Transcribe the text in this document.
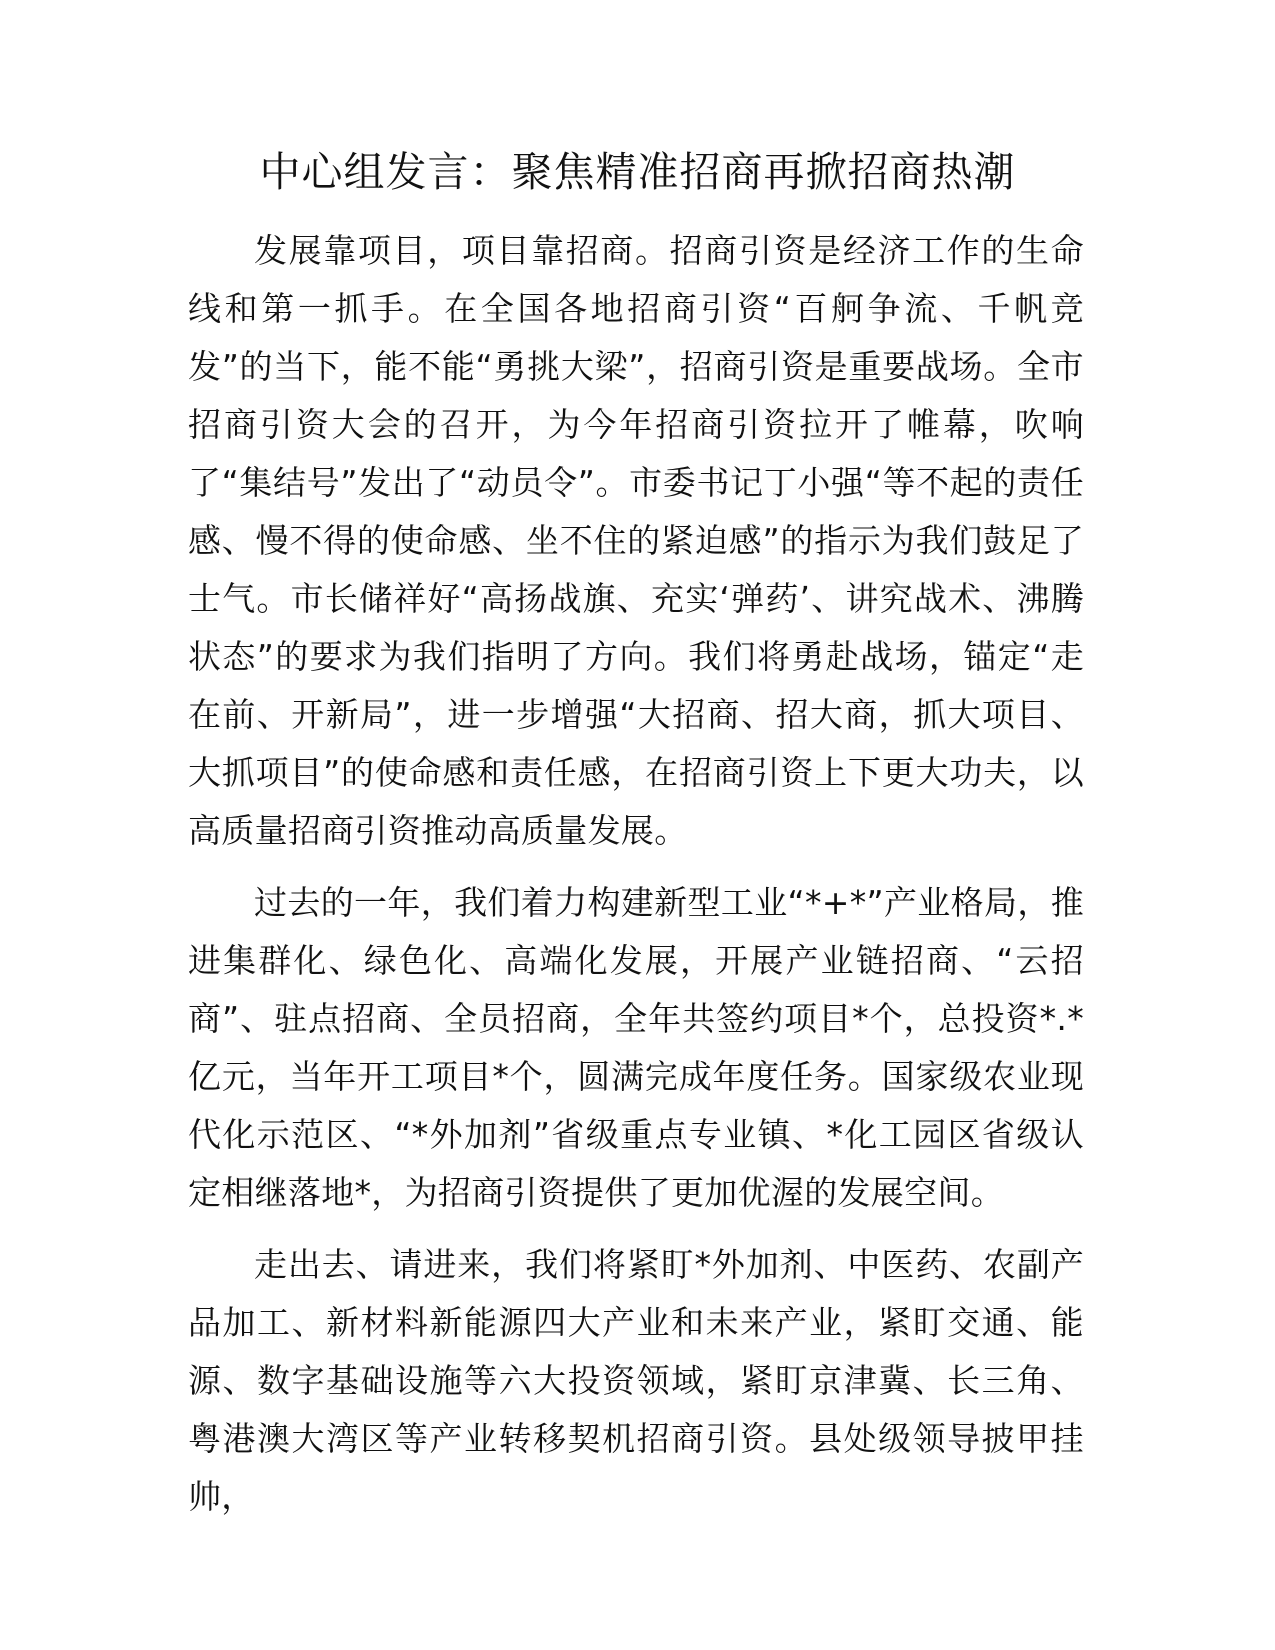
中心组发言：聚焦精准招商再掀招商热潮

发展靠项目，项目靠招商。招商引资是经济工作的生命线和第一抓手。在全国各地招商引资“百舸争流、千帆竞发”的当下，能不能“勇挑大梁”，招商引资是重要战场。全市招商引资大会的召开，为今年招商引资拉开了帷幕，吹响了“集结号”发出了“动员令”。市委书记丁小强“等不起的责任感、慢不得的使命感、坐不住的紧迫感”的指示为我们鼓足了士气。市长储祥好“高扬战旗、充实‘弹药’、讲究战术、沸腾状态”的要求为我们指明了方向。我们将勇赴战场，锚定“走在前、开新局”，进一步增强“大招商、招大商，抓大项目、大抓项目”的使命感和责任感，在招商引资上下更大功夫，以高质量招商引资推动高质量发展。

过去的一年，我们着力构建新型工业“*+*”产业格局，推进集群化、绿色化、高端化发展，开展产业链招商、“云招商”、驻点招商、全员招商，全年共签约项目*个，总投资*.*亿元，当年开工项目*个，圆满完成年度任务。国家级农业现代化示范区、“*外加剂”省级重点专业镇、*化工园区省级认定相继落地*，为招商引资提供了更加优渥的发展空间。

走出去、请进来，我们将紧盯*外加剂、中医药、农副产品加工、新材料新能源四大产业和未来产业，紧盯交通、能源、数字基础设施等六大投资领域，紧盯京津冀、长三角、粤港澳大湾区等产业转移契机招商引资。县处级领导披甲挂帅，
